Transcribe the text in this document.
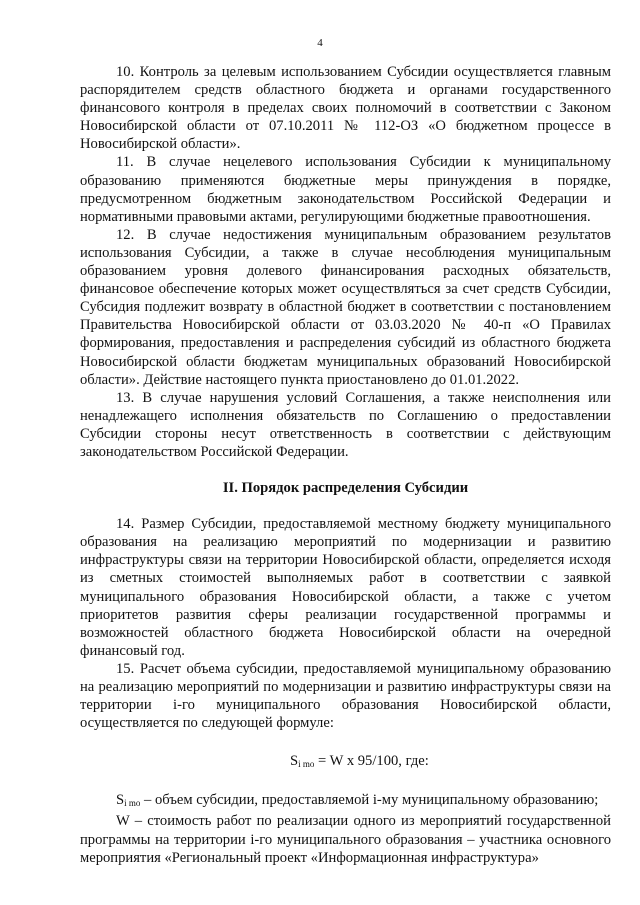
4

10. Контроль за целевым использованием Субсидии осуществляется главным распорядителем средств областного бюджета и органами государственного финансового контроля в пределах своих полномочий в соответствии с Законом Новосибирской области от 07.10.2011 № 112-ОЗ «О бюджетном процессе в Новосибирской области».

11. В случае нецелевого использования Субсидии к муниципальному образованию применяются бюджетные меры принуждения в порядке, предусмотренном бюджетным законодательством Российской Федерации и нормативными правовыми актами, регулирующими бюджетные правоотношения.

12. В случае недостижения муниципальным образованием результатов использования Субсидии, а также в случае несоблюдения муниципальным образованием уровня долевого финансирования расходных обязательств, финансовое обеспечение которых может осуществляться за счет средств Субсидии, Субсидия подлежит возврату в областной бюджет в соответствии с постановлением Правительства Новосибирской области от 03.03.2020 № 40-п «О Правилах формирования, предоставления и распределения субсидий из областного бюджета Новосибирской области бюджетам муниципальных образований Новосибирской области». Действие настоящего пункта приостановлено до 01.01.2022.

13. В случае нарушения условий Соглашения, а также неисполнения или ненадлежащего исполнения обязательств по Соглашению о предоставлении Субсидии стороны несут ответственность в соответствии с действующим законодательством Российской Федерации.

II. Порядок распределения Субсидии

14. Размер Субсидии, предоставляемой местному бюджету муниципального образования на реализацию мероприятий по модернизации и развитию инфраструктуры связи на территории Новосибирской области, определяется исходя из сметных стоимостей выполняемых работ в соответствии с заявкой муниципального образования Новосибирской области, а также с учетом приоритетов развития сферы реализации государственной программы и возможностей областного бюджета Новосибирской области на очередной финансовый год.

15. Расчет объема субсидии, предоставляемой муниципальному образованию на реализацию мероприятий по модернизации и развитию инфраструктуры связи на территории i-го муниципального образования Новосибирской области, осуществляется по следующей формуле:

$S_{i mo} = W$ x 95/100, где:

$S_{i mo}$ – объем субсидии, предоставляемой i-му муниципальному образованию;

W – стоимость работ по реализации одного из мероприятий государственной программы на территории i-го муниципального образования – участника основного мероприятия «Региональный проект «Информационная инфраструктура»
